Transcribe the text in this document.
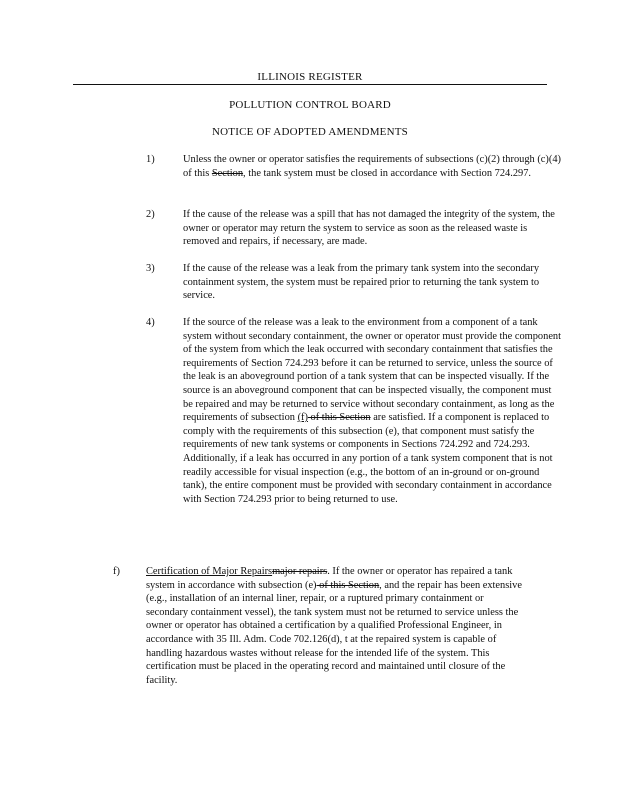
ILLINOIS REGISTER
POLLUTION CONTROL BOARD
NOTICE OF ADOPTED AMENDMENTS
1)	Unless the owner or operator satisfies the requirements of subsections (c)(2) through (c)(4) of this Section, the tank system must be closed in accordance with Section 724.297.
2)	If the cause of the release was a spill that has not damaged the integrity of the system, the owner or operator may return the system to service as soon as the released waste is removed and repairs, if necessary, are made.
3)	If the cause of the release was a leak from the primary tank system into the secondary containment system, the system must be repaired prior to returning the tank system to service.
4)	If the source of the release was a leak to the environment from a component of a tank system without secondary containment, the owner or operator must provide the component of the system from which the leak occurred with secondary containment that satisfies the requirements of Section 724.293 before it can be returned to service, unless the source of the leak is an aboveground portion of a tank system that can be inspected visually. If the source is an aboveground component that can be inspected visually, the component must be repaired and may be returned to service without secondary containment, as long as the requirements of subsection (f) of this Section are satisfied. If a component is replaced to comply with the requirements of this subsection (e), that component must satisfy the requirements of new tank systems or components in Sections 724.292 and 724.293. Additionally, if a leak has occurred in any portion of a tank system component that is not readily accessible for visual inspection (e.g., the bottom of an in-ground or on-ground tank), the entire component must be provided with secondary containment in accordance with Section 724.293 prior to being returned to use.
f)	Certification of Major Repairsmajor repairs. If the owner or operator has repaired a tank system in accordance with subsection (e) of this Section, and the repair has been extensive (e.g., installation of an internal liner, repair, or a ruptured primary containment or secondary containment vessel), the tank system must not be returned to service unless the owner or operator has obtained a certification by a qualified Professional Engineer, in accordance with 35 Ill. Adm. Code 702.126(d), t at the repaired system is capable of handling hazardous wastes without release for the intended life of the system. This certification must be placed in the operating record and maintained until closure of the facility.
